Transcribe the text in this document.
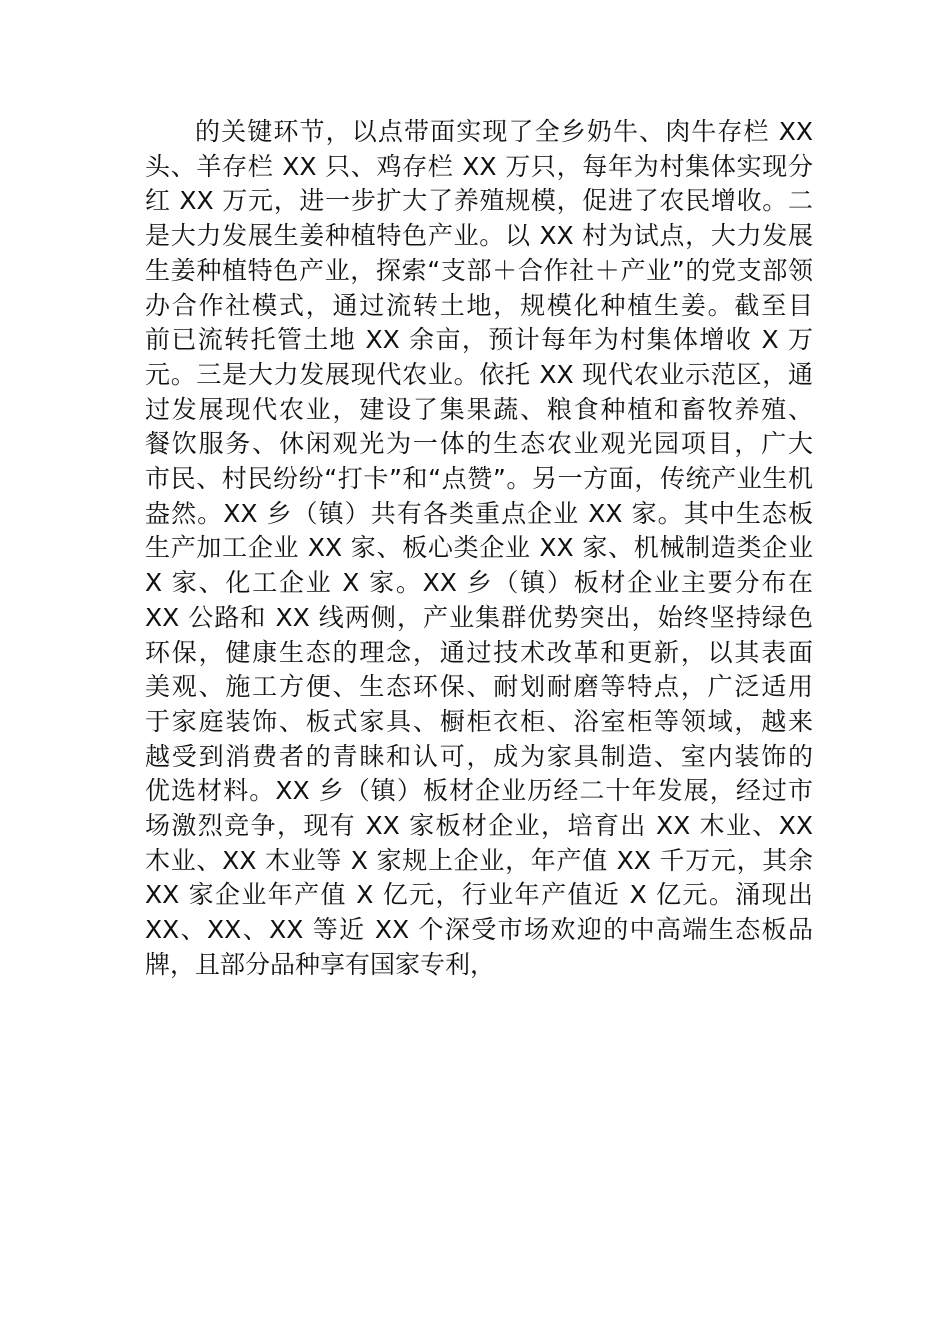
的关键环节，以点带面实现了全乡奶牛、肉牛存栏 XX
头、羊存栏 XX 只、鸡存栏 XX 万只，每年为村集体实现分
红 XX 万元，进一步扩大了养殖规模，促进了农民增收。二
是大力发展生姜种植特色产业。以 XX 村为试点，大力发展
生姜种植特色产业，探索“支部＋合作社＋产业”的党支部领
办合作社模式，通过流转土地，规模化种植生姜。截至目
前已流转托管土地 XX 余亩，预计每年为村集体增收 X 万
元。三是大力发展现代农业。依托 XX 现代农业示范区，通
过发展现代农业，建设了集果蔬、粮食种植和畜牧养殖、
餐饮服务、休闲观光为一体的生态农业观光园项目，广大
市民、村民纷纷“打卡”和“点赞”。另一方面，传统产业生机
盎然。XX 乡（镇）共有各类重点企业 XX 家。其中生态板
生产加工企业 XX 家、板心类企业 XX 家、机械制造类企业
X 家、化工企业 X 家。XX 乡（镇）板材企业主要分布在
XX 公路和 XX 线两侧，产业集群优势突出，始终坚持绿色
环保，健康生态的理念，通过技术改革和更新，以其表面
美观、施工方便、生态环保、耐划耐磨等特点，广泛适用
于家庭装饰、板式家具、橱柜衣柜、浴室柜等领域，越来
越受到消费者的青睐和认可，成为家具制造、室内装饰的
优选材料。XX 乡（镇）板材企业历经二十年发展，经过市
场激烈竞争，现有 XX 家板材企业，培育出 XX 木业、XX
木业、XX 木业等 X 家规上企业，年产值 XX 千万元，其余
XX 家企业年产值 X 亿元，行业年产值近 X 亿元。涌现出
XX、XX、XX 等近 XX 个深受市场欢迎的中高端生态板品
牌，且部分品种享有国家专利，
